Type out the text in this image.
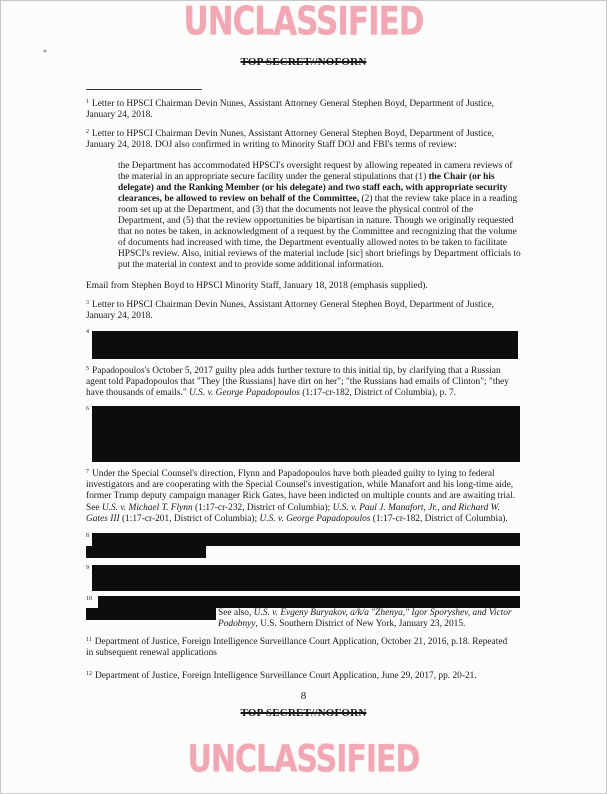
UNCLASSIFIED
TOP SECRET//NOFORN
*
$^1$ Letter to HPSCI Chairman Devin Nunes, Assistant Attorney General Stephen Boyd, Department of Justice, January 24, 2018.
$^2$ Letter to HPSCI Chairman Devin Nunes, Assistant Attorney General Stephen Boyd, Department of Justice, January 24, 2018. DOJ also confirmed in writing to Minority Staff DOJ and FBI's terms of review:
the Department has accommodated HPSCI's oversight request by allowing repeated in camera reviews of the material in an appropriate secure facility under the general stipulations that (1) the Chair (or his delegate) and the Ranking Member (or his delegate) and two staff each, with appropriate security clearances, be allowed to review on behalf of the Committee, (2) that the review take place in a reading room set up at the Department, and (3) that the documents not leave the physical control of the Department, and (5) that the review opportunities be bipartisan in nature. Though we originally requested that no notes be taken, in acknowledgment of a request by the Committee and recognizing that the volume of documents had increased with time, the Department eventually allowed notes to be taken to facilitate HPSCI's review. Also, initial reviews of the material include [sic] short briefings by Department officials to put the material in context and to provide some additional information.
Email from Stephen Boyd to HPSCI Minority Staff, January 18, 2018 (emphasis supplied).
$^3$ Letter to HPSCI Chairman Devin Nunes, Assistant Attorney General Stephen Boyd, Department of Justice, January 24, 2018.
$^4$
$^5$ Papadopoulos's October 5, 2017 guilty plea adds further texture to this initial tip, by clarifying that a Russian agent told Papadopoulos that "They [the Russians] have dirt on her"; "the Russians had emails of Clinton"; "they have thousands of emails." U.S. v. George Papadopoulos (1:17-cr-182, District of Columbia), p. 7.
$^6$
$^7$ Under the Special Counsel's direction, Flynn and Papadopoulos have both pleaded guilty to lying to federal investigators and are cooperating with the Special Counsel's investigation, while Manafort and his long-time aide, former Trump deputy campaign manager Rick Gates, have been indicted on multiple counts and are awaiting trial. See U.S. v. Michael T. Flynn (1:17-cr-232, District of Columbia); U.S. v. Paul J. Manafort, Jr., and Richard W. Gates III (1:17-cr-201, District of Columbia); U.S. v. George Papadopoulos (1:17-cr-182, District of Columbia).
$^8$
$^9$
$^{10}$
See also, U.S. v. Evgeny Buryakov, a/k/a "Zhenya," Igor Sporyshev, and Victor Podobnyy, U.S. Southern District of New York, January 23, 2015.
$^{11}$ Department of Justice, Foreign Intelligence Surveillance Court Application, October 21, 2016, p.18. Repeated in subsequent renewal applications
$^{12}$ Department of Justice, Foreign Intelligence Surveillance Court Application, June 29, 2017, pp. 20-21.
8
TOP SECRET//NOFORN
UNCLASSIFIED
